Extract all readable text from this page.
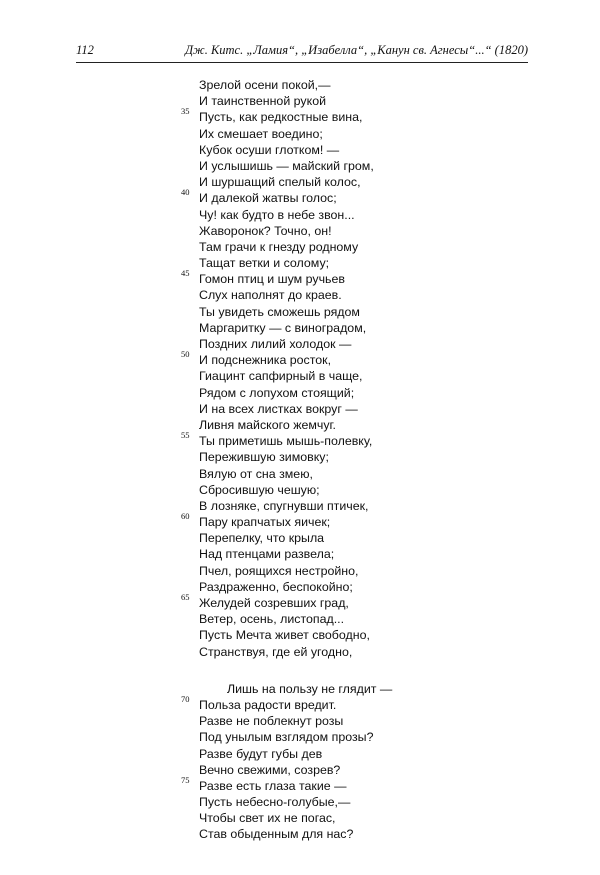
112	Дж. Китс. „Ламия“, „Изабелла“, „Канун св. Агнесы“...“ (1820)
Зрелой осени покой,—
И таинственной рукой
35 Пусть, как редкостные вина,
Их смешает воедино;
Кубок осуши глотком! —
И услышишь — майский гром,
И шуршащий спелый колос,
40 И далекой жатвы голос;
Чу! как будто в небе звон...
Жаворонок? Точно, он!
Там грачи к гнезду родному
Тащат ветки и солому;
45 Гомон птиц и шум ручьев
Слух наполнят до краев.
Ты увидеть сможешь рядом
Маргаритку — с виноградом,
Поздних лилий холодок —
50 И подснежника росток,
Гиацинт сапфирный в чаще,
Рядом с лопухом стоящий;
И на всех листках вокруг —
Ливня майского жемчуг.
55 Ты приметишь мышь-полевку,
Пережившую зимовку;
Вялую от сна змею,
Сбросившую чешую;
В лозняке, спугнувши птичек,
60 Пару крапчатых яичек;
Перепелку, что крыла
Над птенцами развела;
Пчел, роящихся нестройно,
Раздраженно, беспокойно;
65 Желудей созревших град,
Ветер, осень, листопад...
Пусть Мечта живет свободно,
Странствуя, где ей угодно,
Лишь на пользу не глядит —
70 Польза радости вредит.
Разве не поблекнут розы
Под унылым взглядом прозы?
Разве будут губы дев
Вечно свежими, созрев?
75 Разве есть глаза такие —
Пусть небесно-голубые,—
Чтобы свет их не погас,
Став обыденным для нас?
